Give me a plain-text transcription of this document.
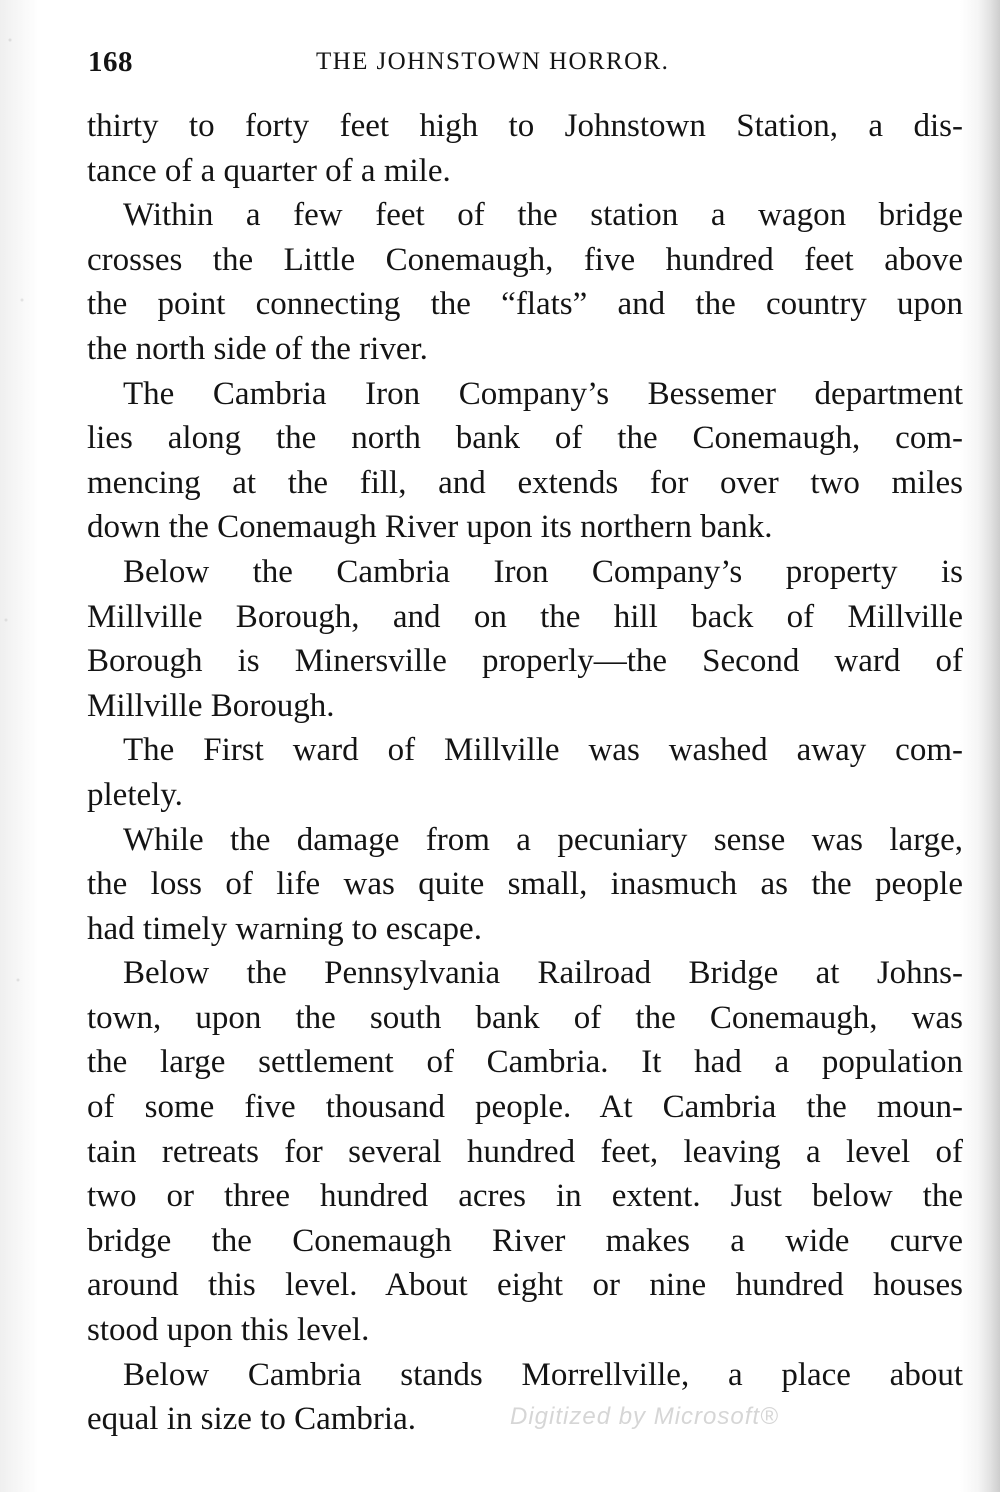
168	THE JOHNSTOWN HORROR.
thirty to forty feet high to Johnstown Station, a dis-
tance of a quarter of a mile.
Within a few feet of the station a wagon bridge
crosses the Little Conemaugh, five hundred feet above
the point connecting the “flats” and the country upon
the north side of the river.
The Cambria Iron Company’s Bessemer department
lies along the north bank of the Conemaugh, com-
mencing at the fill, and extends for over two miles
down the Conemaugh River upon its northern bank.
Below the Cambria Iron Company’s property is
Millville Borough, and on the hill back of Millville
Borough is Minersville properly—the Second ward of
Millville Borough.
The First ward of Millville was washed away com-
pletely.
While the damage from a pecuniary sense was large,
the loss of life was quite small, inasmuch as the people
had timely warning to escape.
Below the Pennsylvania Railroad Bridge at Johns-
town, upon the south bank of the Conemaugh, was
the large settlement of Cambria. It had a population
of some five thousand people. At Cambria the moun-
tain retreats for several hundred feet, leaving a level of
two or three hundred acres in extent. Just below the
bridge the Conemaugh River makes a wide curve
around this level. About eight or nine hundred houses
stood upon this level.
Below Cambria stands Morrellville, a place about
equal in size to Cambria.	Digitized by Microsoft®
